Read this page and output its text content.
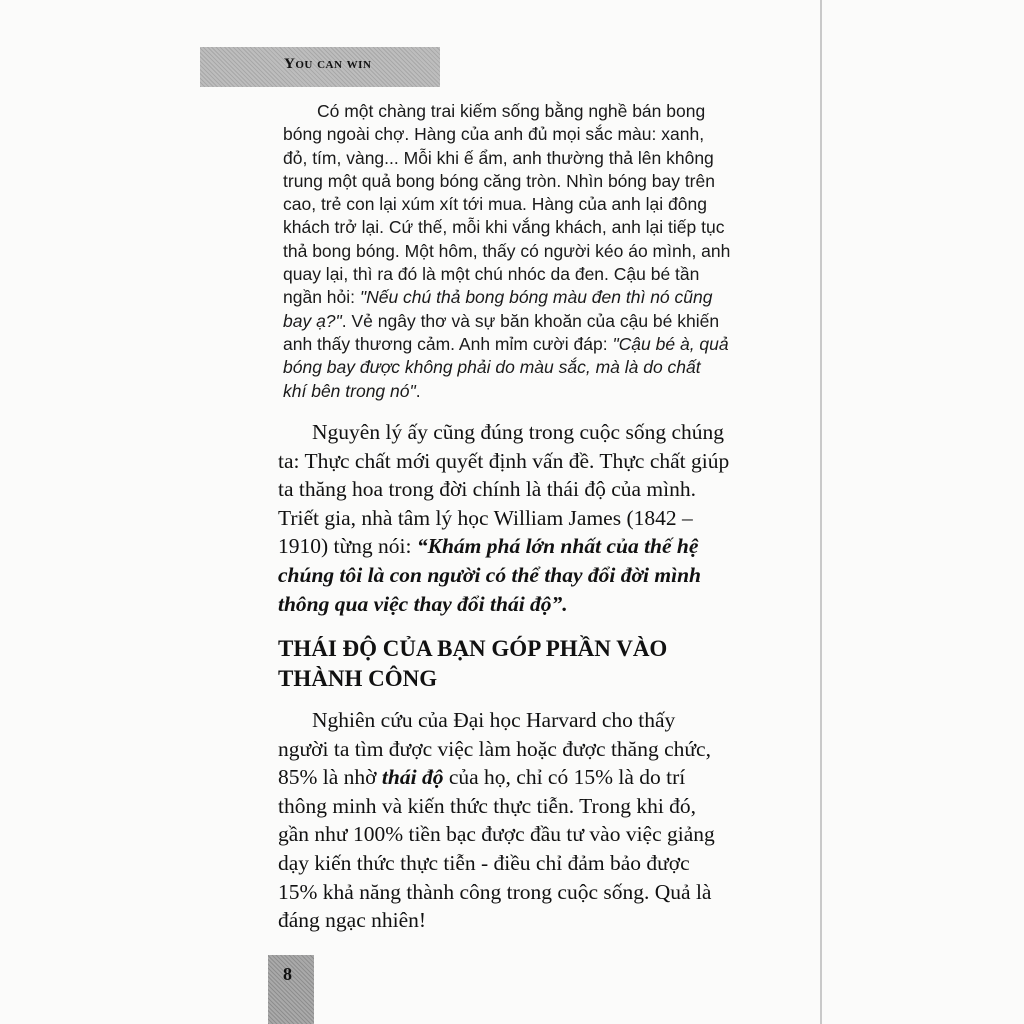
You can win
Có một chàng trai kiếm sống bằng nghề bán bong
bóng ngoài chợ. Hàng của anh đủ mọi sắc màu: xanh,
đỏ, tím, vàng... Mỗi khi ế ẩm, anh thường thả lên không
trung một quả bong bóng căng tròn. Nhìn bóng bay trên
cao, trẻ con lại xúm xít tới mua. Hàng của anh lại đông
khách trở lại. Cứ thế, mỗi khi vắng khách, anh lại tiếp tục
thả bong bóng. Một hôm, thấy có người kéo áo mình, anh
quay lại, thì ra đó là một chú nhóc da đen. Cậu bé tần
ngần hỏi: "Nếu chú thả bong bóng màu đen thì nó cũng
bay ạ?". Vẻ ngây thơ và sự băn khoăn của cậu bé khiến
anh thấy thương cảm. Anh mỉm cười đáp: "Cậu bé à, quả
bóng bay được không phải do màu sắc, mà là do chất
khí bên trong nó".
Nguyên lý ấy cũng đúng trong cuộc sống chúng
ta: Thực chất mới quyết định vấn đề. Thực chất giúp
ta thăng hoa trong đời chính là thái độ của mình.
Triết gia, nhà tâm lý học William James (1842 –
1910) từng nói: “Khám phá lớn nhất của thế hệ
chúng tôi là con người có thể thay đổi đời mình
thông qua việc thay đổi thái độ”.
THÁI ĐỘ CỦA BẠN GÓP PHẦN VÀO
THÀNH CÔNG
Nghiên cứu của Đại học Harvard cho thấy
người ta tìm được việc làm hoặc được thăng chức,
85% là nhờ thái độ của họ, chỉ có 15% là do trí
thông minh và kiến thức thực tiễn. Trong khi đó,
gần như 100% tiền bạc được đầu tư vào việc giảng
dạy kiến thức thực tiễn - điều chỉ đảm bảo được
15% khả năng thành công trong cuộc sống. Quả là
đáng ngạc nhiên!
8
